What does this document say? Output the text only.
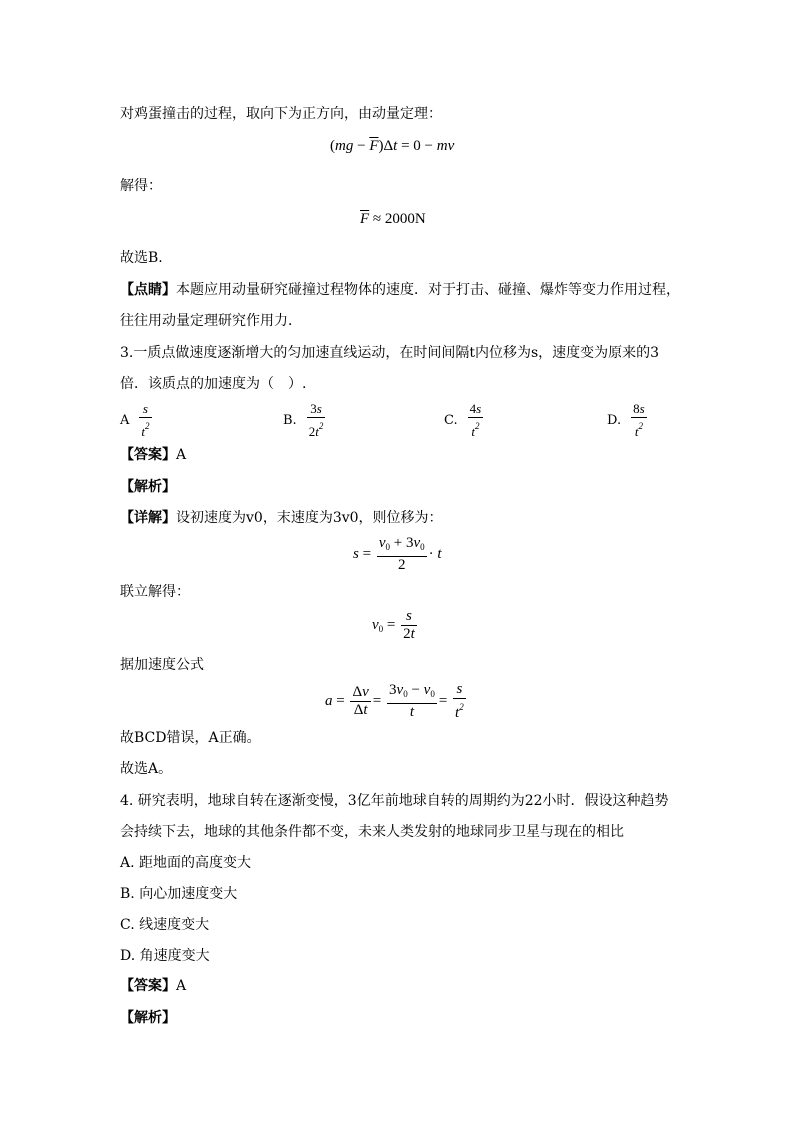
对鸡蛋撞击的过程，取向下为正方向，由动量定理：
$(mg - \overline{F})\Delta t = 0$ − mv
解得：
$\overline{F} \approx 2000N$
故选B.
【点睛】本题应用动量研究碰撞过程物体的速度．对于打击、碰撞、爆炸等变力作用过程，
往往用动量定理研究作用力．
3.一质点做速度逐渐增大的匀加速直线运动，在时间间隔t内位移为s，速度变为原来的3
倍．该质点的加速度为（　）.
A $\frac{s}{t^2}$	B. $\frac{3s}{2t^2}$	C. $\frac{4s}{t^2}$	D. $\frac{8s}{t^2}$
【答案】A
【解析】
【详解】设初速度为v0，末速度为3v0，则位移为：
$s = \frac{v_0 + 3v_0}{2} \cdot t$
联立解得：
$v_0 = \frac{s}{2t}$
据加速度公式
$a = \frac{\Delta v}{\Delta t} = \frac{3v_0 - v_0}{t} = \frac{s}{t^2}$
故BCD错误，A正确。
故选A。
4. 研究表明，地球自转在逐渐变慢，3亿年前地球自转的周期约为22小时．假设这种趋势
会持续下去，地球的其他条件都不变，未来人类发射的地球同步卫星与现在的相比
A. 距地面的高度变大
B. 向心加速度变大
C. 线速度变大
D. 角速度变大
【答案】A
【解析】
